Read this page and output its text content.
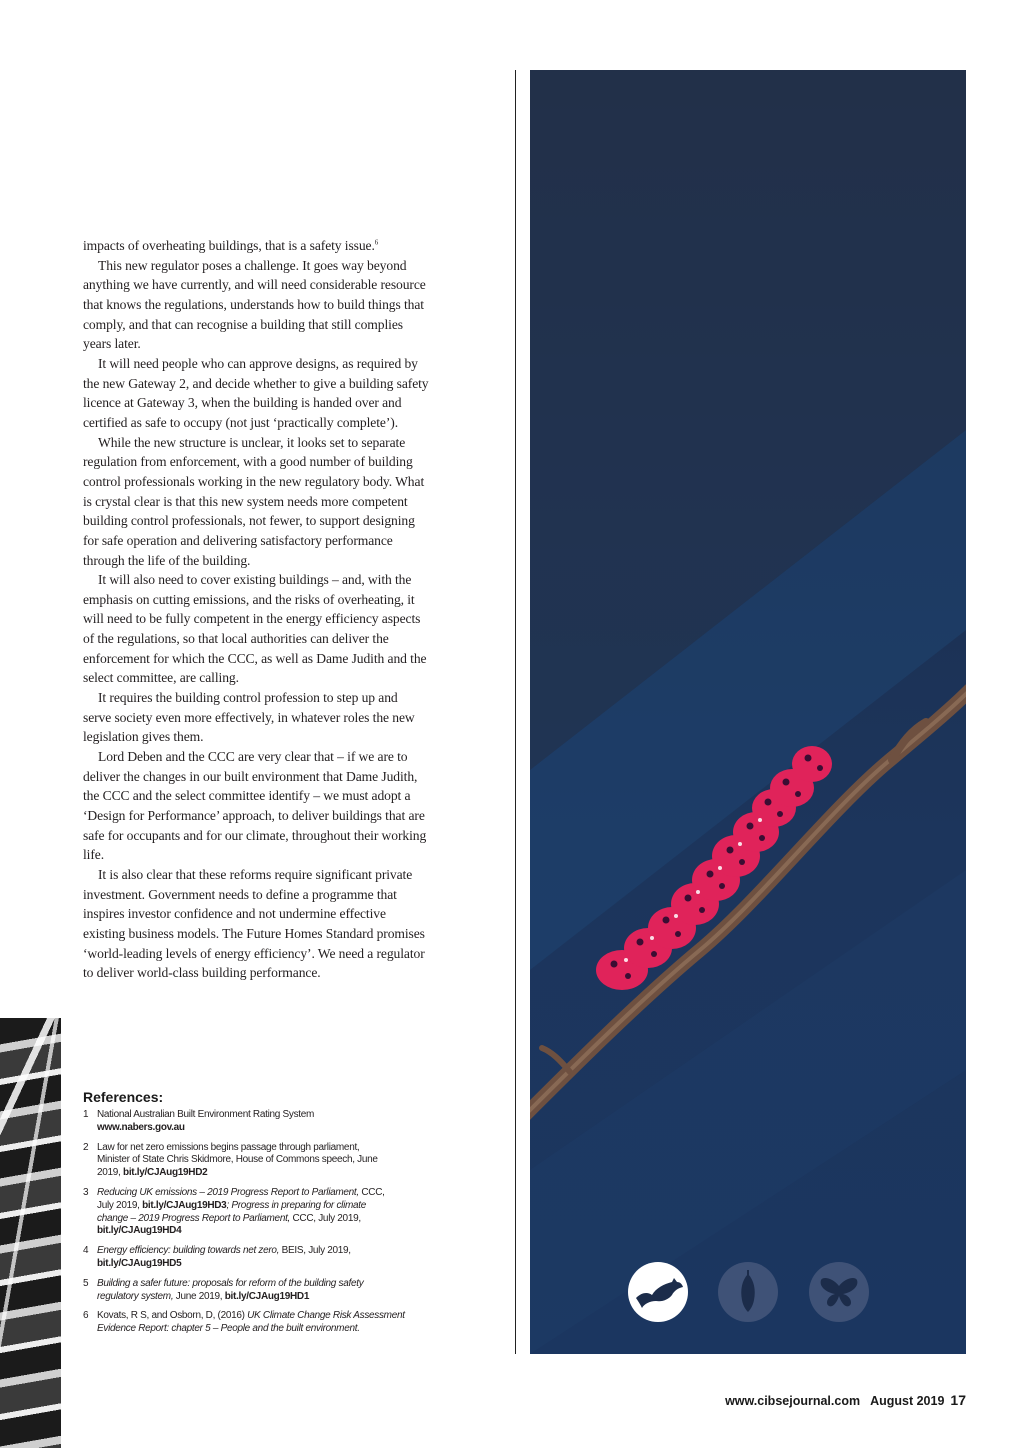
impacts of overheating buildings, that is a safety issue.$^6$

This new regulator poses a challenge. It goes way beyond anything we have currently, and will need considerable resource that knows the regulations, understands how to build things that comply, and that can recognise a building that still complies years later.

It will need people who can approve designs, as required by the new Gateway 2, and decide whether to give a building safety licence at Gateway 3, when the building is handed over and certified as safe to occupy (not just ‘practically complete’).

While the new structure is unclear, it looks set to separate regulation from enforcement, with a good number of building control professionals working in the new regulatory body. What is crystal clear is that this new system needs more competent building control professionals, not fewer, to support designing for safe operation and delivering satisfactory performance through the life of the building.

It will also need to cover existing buildings – and, with the emphasis on cutting emissions, and the risks of overheating, it will need to be fully competent in the energy efficiency aspects of the regulations, so that local authorities can deliver the enforcement for which the CCC, as well as Dame Judith and the select committee, are calling.

It requires the building control profession to step up and serve society even more effectively, in whatever roles the new legislation gives them.

Lord Deben and the CCC are very clear that – if we are to deliver the changes in our built environment that Dame Judith, the CCC and the select committee identify – we must adopt a ‘Design for Performance’ approach, to deliver buildings that are safe for occupants and for our climate, throughout their working life.

It is also clear that these reforms require significant private investment. Government needs to define a programme that inspires investor confidence and not undermine effective existing business models. The Future Homes Standard promises ‘world-leading levels of energy efficiency’. We need a regulator to deliver world-class building performance.

References:
1 National Australian Built Environment Rating System
www.nabers.gov.au
2 Law for net zero emissions begins passage through parliament,
Minister of State Chris Skidmore, House of Commons speech, June
2019, bit.ly/CJAug19HD2
3 Reducing UK emissions – 2019 Progress Report to Parliament, CCC,
July 2019, bit.ly/CJAug19HD3; Progress in preparing for climate
change – 2019 Progress Report to Parliament, CCC, July 2019,
bit.ly/CJAug19HD4
4 Energy efficiency: building towards net zero, BEIS, July 2019,
bit.ly/CJAug19HD5
5 Building a safer future: proposals for reform of the building safety
regulatory system, June 2019, bit.ly/CJAug19HD1
6 Kovats, R S, and Osborn, D, (2016) UK Climate Change Risk Assessment
Evidence Report: chapter 5 – People and the built environment.
www.cibsejournal.com August 2019 17
